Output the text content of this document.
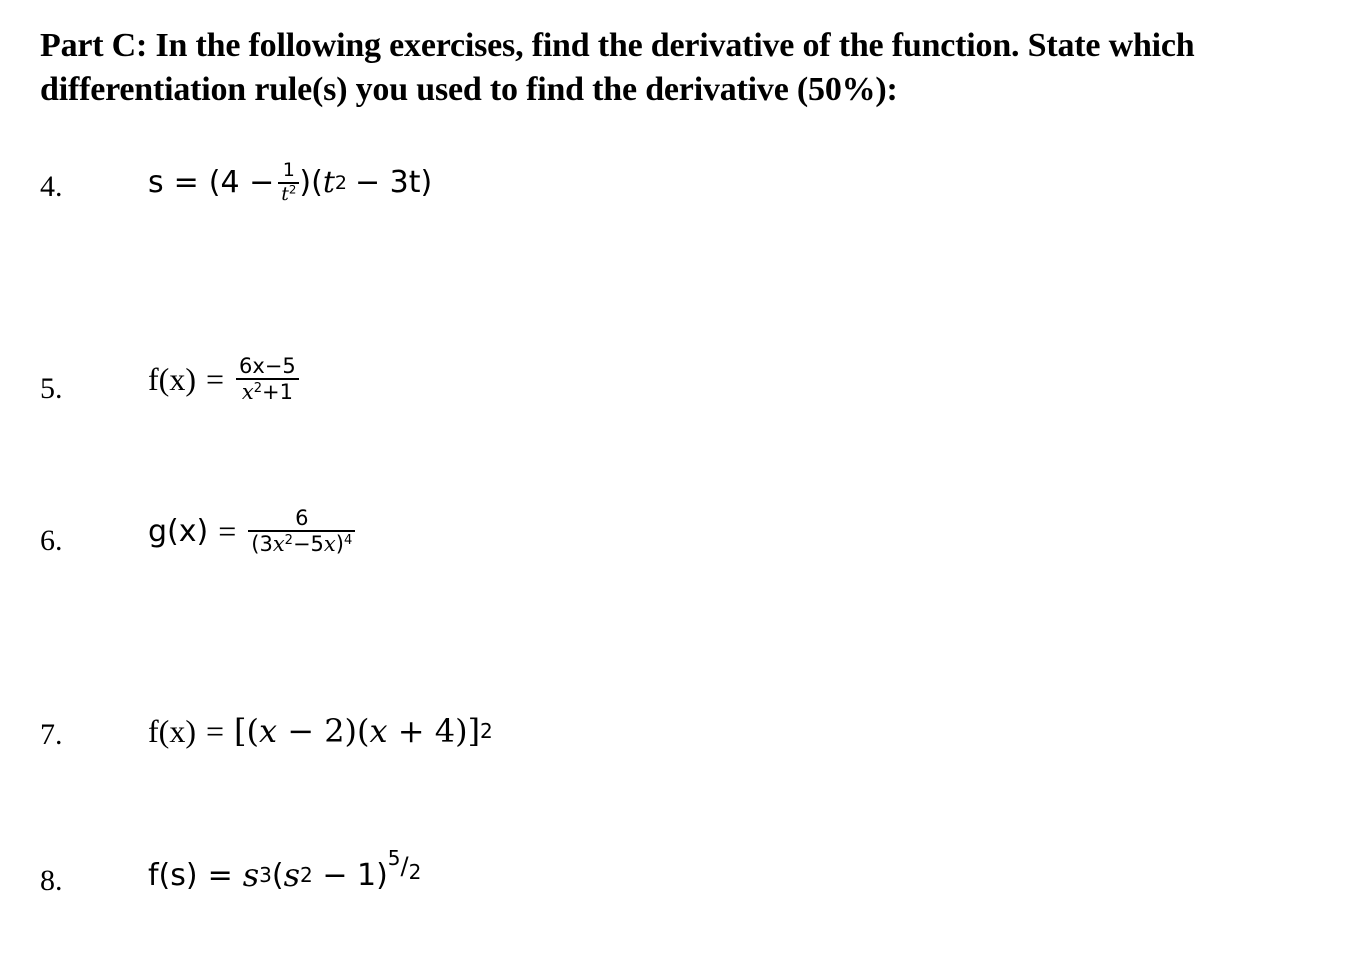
Part C: In the following exercises, find the derivative of the function. State which
differentiation rule(s) you used to find the derivative (50%):
4.	$s = (4 - \frac{1}{t^2}$ ) ( t 2 − 3t)
5.	$f(x) = \frac{6x-5}{x^2+1}$
6.	$g(x) = \frac{6}{(3x^2-5x)^4}$
7.	f(x) = [( x − 2)( x + 4)] 2
8.	f(s) = s 3 ( s 2 − 1) 5 / 2
